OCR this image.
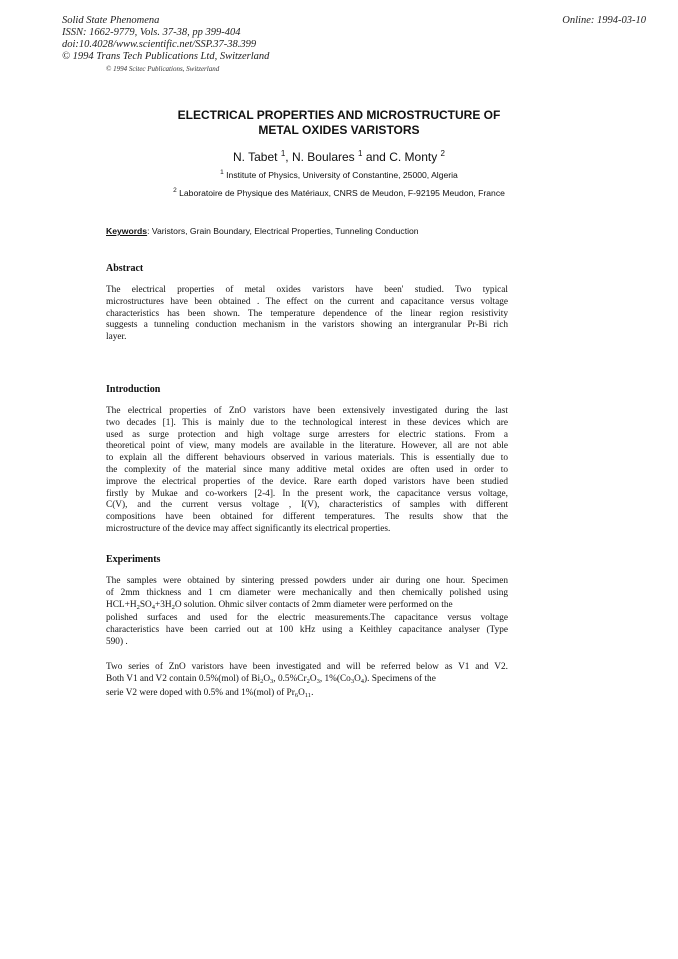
Solid State Phenomena
ISSN: 1662-9779, Vols. 37-38, pp 399-404
doi:10.4028/www.scientific.net/SSP.37-38.399
© 1994 Trans Tech Publications Ltd, Switzerland
Online: 1994-03-10
© 1994 Scitec Publications, Switzerland
ELECTRICAL PROPERTIES AND MICROSTRUCTURE OF
METAL OXIDES VARISTORS
N. Tabet $^1$, N. Boulares $^1$ and C. Monty $^2$
$^1$ Institute of Physics, University of Constantine, 25000, Algeria
$^2$ Laboratoire de Physique des Matériaux, CNRS de Meudon, F-92195 Meudon, France
Keywords: Varistors, Grain Boundary, Electrical Properties, Tunneling Conduction
Abstract
The electrical properties of metal oxides varistors have been' studied. Two typical
microstructures have been obtained . The effect on the current and capacitance versus voltage
characteristics has been shown. The temperature dependence of the linear region resistivity
suggests a tunneling conduction mechanism in the varistors showing an intergranular Pr-Bi rich
layer.
Introduction
The electrical properties of ZnO varistors have been extensively investigated during the last
two decades [1]. This is mainly due to the technological interest in these devices which are
used as surge protection and high voltage surge arresters for electric stations. From a
theoretical point of view, many models are available in the literature. However, all are not able
to explain all the different behaviours observed in various materials. This is essentially due to
the complexity of the material since many additive metal oxides are often used in order to
improve the electrical properties of the device. Rare earth doped varistors have been studied
firstly by Mukae and co-workers [2-4]. In the present work, the capacitance versus voltage,
C(V), and the current versus voltage , I(V), characteristics of samples with different
compositions have been obtained for different temperatures. The results show that the
microstructure of the device may affect significantly its electrical properties.
Experiments
The samples were obtained by sintering pressed powders under air during one hour. Specimen
of 2mm thickness and 1 cm diameter were mechanically and then chemically polished using
$HCL+H_2SO_4+3H_2O$ solution. Ohmic silver contacts of 2mm diameter were performed on the
polished surfaces and used for the electric measurements.The capacitance versus voltage
characteristics have been carried out at 100 kHz using a Keithley capacitance analyser (Type
590) .
Two series of ZnO varistors have been investigated and will be referred below as V1 and V2.
Both V1 and V2 contain 0.5%(mol) of $Bi_2O_3$, $0.5\%Cr_2O_3$, $1\%(Co_3O_4)$. Specimens of the
serie V2 were doped with 0.5% and 1%(mol) of $Pr_6O_{11}$.
